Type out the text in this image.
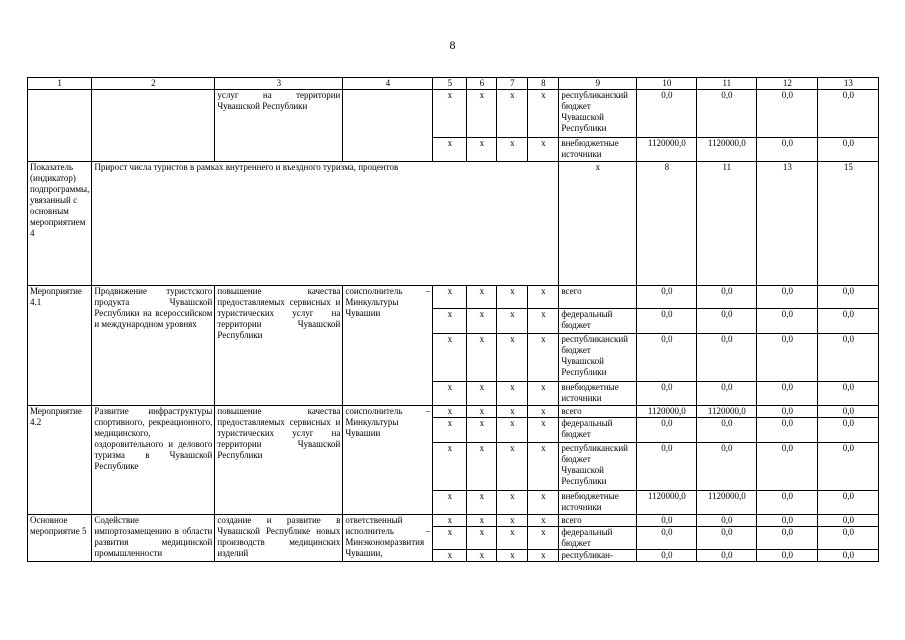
8
1	2	3	4	5	6	7	8	9	10	11	12	13
		услуг на территории Чувашской Республики		x	x	x	x	республиканский бюджет Чувашской Республики	0,0	0,0	0,0	0,0
				x	x	x	x	внебюджетные источники	1120000,0	1120000,0	0,0	0,0
Показатель (индикатор) подпрограммы, увязанный с основным мероприятием 4	Прирост числа туристов в рамках внутреннего и въездного туризма, процентов							x	8	11	13	15
Мероприятие 4.1	Продвижение туристского продукта Чувашской Республики на всероссийском и международном уровнях	повышение качества предоставляемых сервисных и туристических услуг на территории Чувашской Республики	соисполнитель – Минкультуры Чувашии	x	x	x	x	всего	0,0	0,0	0,0	0,0
				x	x	x	x	федеральный бюджет	0,0	0,0	0,0	0,0
				x	x	x	x	республиканский бюджет Чувашской Республики	0,0	0,0	0,0	0,0
				x	x	x	x	внебюджетные источники	0,0	0,0	0,0	0,0
Мероприятие 4.2	Развитие инфраструктуры спортивного, рекреационного, медицинского, оздоровительного и делового туризма в Чувашской Республике	повышение качества предоставляемых сервисных и туристических услуг на территории Чувашской Республики	соисполнитель – Минкультуры Чувашии	x	x	x	x	всего	1120000,0	1120000,0	0,0	0,0
				x	x	x	x	федеральный бюджет	0,0	0,0	0,0	0,0
				x	x	x	x	республиканский бюджет Чувашской Республики	0,0	0,0	0,0	0,0
				x	x	x	x	внебюджетные источники	1120000,0	1120000,0	0,0	0,0
Основное мероприятие 5	Содействие импортозамещению в области развития медицинской промышленности	создание и развитие в Чувашской Республике новых производств медицинских изделий	ответственный исполнитель – Минэкономразвития Чувашии,	x	x	x	x	всего	0,0	0,0	0,0	0,0
				x	x	x	x	федеральный бюджет	0,0	0,0	0,0	0,0
				x	x	x	x	республикан-	0,0	0,0	0,0	0,0
